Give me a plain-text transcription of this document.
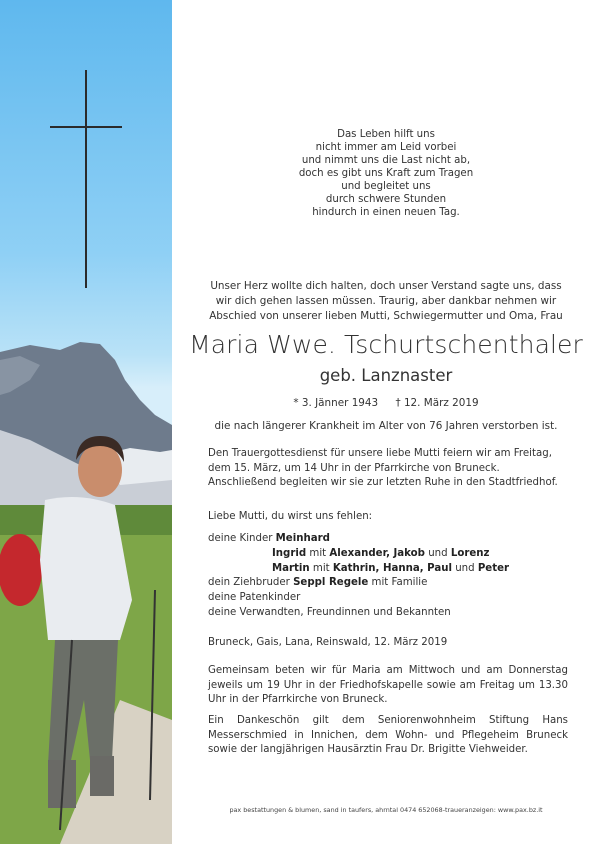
Das Leben hilft uns
nicht immer am Leid vorbei
und nimmt uns die Last nicht ab,
doch es gibt uns Kraft zum Tragen
und begleitet uns
durch schwere Stunden
hindurch in einen neuen Tag.
Unser Herz wollte dich halten, doch unser Verstand sagte uns, dass
wir dich gehen lassen müssen. Traurig, aber dankbar nehmen wir
Abschied von unserer lieben Mutti, Schwiegermutter und Oma, Frau
Maria Wwe. Tschurtschenthaler
geb. Lanznaster
* 3. Jänner 1943 † 12. März 2019
die nach längerer Krankheit im Alter von 76 Jahren verstorben ist.
Den Trauergottesdienst für unsere liebe Mutti feiern wir am Freitag,
dem 15. März, um 14 Uhr in der Pfarrkirche von Bruneck.
Anschließend begleiten wir sie zur letzten Ruhe in den Stadtfriedhof.
Liebe Mutti, du wirst uns fehlen:
deine Kinder Meinhard
Ingrid mit Alexander, Jakob und Lorenz
Martin mit Kathrin, Hanna, Paul und Peter
dein Ziehbruder Seppl Regele mit Familie
deine Patenkinder
deine Verwandten, Freundinnen und Bekannten
Bruneck, Gais, Lana, Reinswald, 12. März 2019
Gemeinsam beten wir für Maria am Mittwoch und am Donnerstag jeweils um 19 Uhr in der Friedhofskapelle sowie am Freitag um 13.30 Uhr in der Pfarrkirche von Bruneck.
Ein Dankeschön gilt dem Seniorenwohnheim Stiftung Hans Messerschmied in Innichen, dem Wohn- und Pflegeheim Bruneck sowie der langjährigen Hausärztin Frau Dr. Brigitte Viehweider.
pax bestattungen & blumen, sand in taufers, ahrntal 0474 652068-traueranzeigen: www.pax.bz.it
